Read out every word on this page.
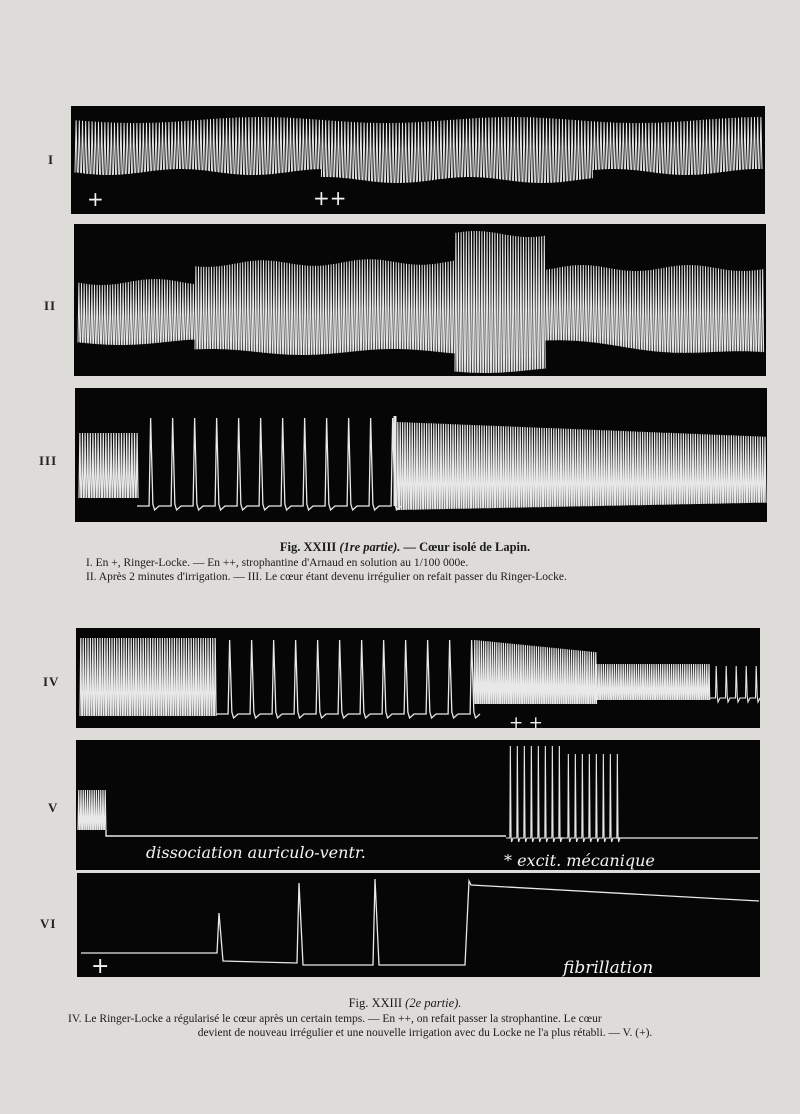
I
II
III
IV
V
VI
+	++
Fig. XXIII (1re partie). — Cœur isolé de Lapin.

I. En +, Ringer-Locke. — En ++, strophantine d'Arnaud en solution au 1/100 000e.

II. Après 2 minutes d'irrigation. — III. Le cœur étant devenu irrégulier on refait passer du Ringer-Locke.

+ +
dissociation auriculo-ventr.	* excit. mécanique
+	fibrillation
Fig. XXIII (2e partie).

IV. Le Ringer-Locke a régularisé le cœur après un certain temps. — En ++, on refait passer la strophantine. Le cœur

devient de nouveau irrégulier et une nouvelle irrigation avec du Locke ne l'a plus rétabli. — V. (+).
